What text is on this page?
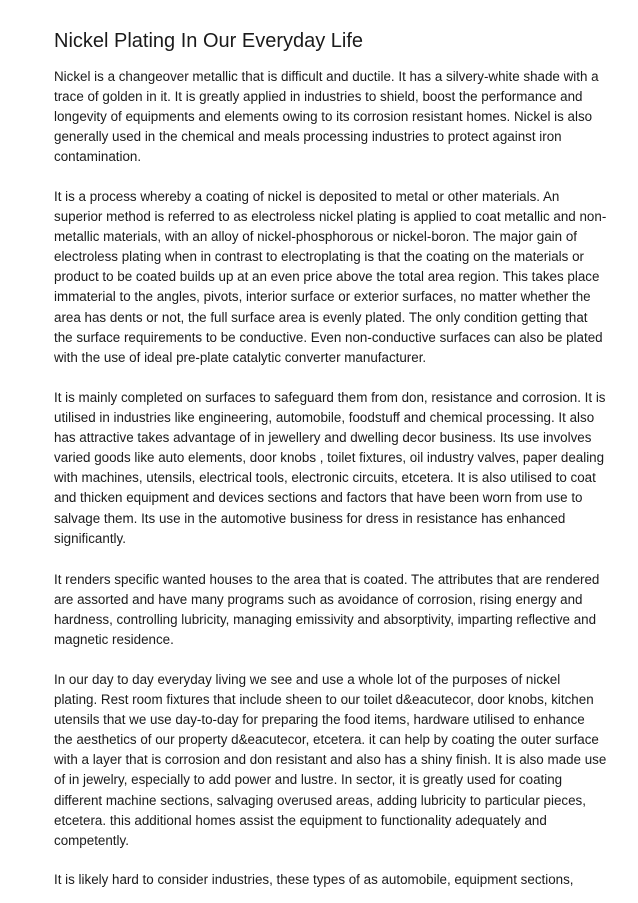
Nickel Plating In Our Everyday Life
Nickel is a changeover metallic that is difficult and ductile. It has a silvery-white shade with a
trace of golden in it. It is greatly applied in industries to shield, boost the performance and
longevity of equipments and elements owing to its corrosion resistant homes. Nickel is also
generally used in the chemical and meals processing industries to protect against iron
contamination.
It is a process whereby a coating of nickel is deposited to metal or other materials. An
superior method is referred to as electroless nickel plating is applied to coat metallic and non-
metallic materials, with an alloy of nickel-phosphorous or nickel-boron. The major gain of
electroless plating when in contrast to electroplating is that the coating on the materials or
product to be coated builds up at an even price above the total area region. This takes place
immaterial to the angles, pivots, interior surface or exterior surfaces, no matter whether the
area has dents or not, the full surface area is evenly plated. The only condition getting that
the surface requirements to be conductive. Even non-conductive surfaces can also be plated
with the use of ideal pre-plate catalytic converter manufacturer.
It is mainly completed on surfaces to safeguard them from don, resistance and corrosion. It is
utilised in industries like engineering, automobile, foodstuff and chemical processing. It also
has attractive takes advantage of in jewellery and dwelling decor business. Its use involves
varied goods like auto elements, door knobs , toilet fixtures, oil industry valves, paper dealing
with machines, utensils, electrical tools, electronic circuits, etcetera. It is also utilised to coat
and thicken equipment and devices sections and factors that have been worn from use to
salvage them. Its use in the automotive business for dress in resistance has enhanced
significantly.
It renders specific wanted houses to the area that is coated. The attributes that are rendered
are assorted and have many programs such as avoidance of corrosion, rising energy and
hardness, controlling lubricity, managing emissivity and absorptivity, imparting reflective and
magnetic residence.
In our day to day everyday living we see and use a whole lot of the purposes of nickel
plating. Rest room fixtures that include sheen to our toilet d&eacutecor, door knobs, kitchen
utensils that we use day-to-day for preparing the food items, hardware utilised to enhance
the aesthetics of our property d&eacutecor, etcetera. it can help by coating the outer surface
with a layer that is corrosion and don resistant and also has a shiny finish. It is also made use
of in jewelry, especially to add power and lustre. In sector, it is greatly used for coating
different machine sections, salvaging overused areas, adding lubricity to particular pieces,
etcetera. this additional homes assist the equipment to functionality adequately and
competently.
It is likely hard to consider industries, these types of as automobile, equipment sections,
